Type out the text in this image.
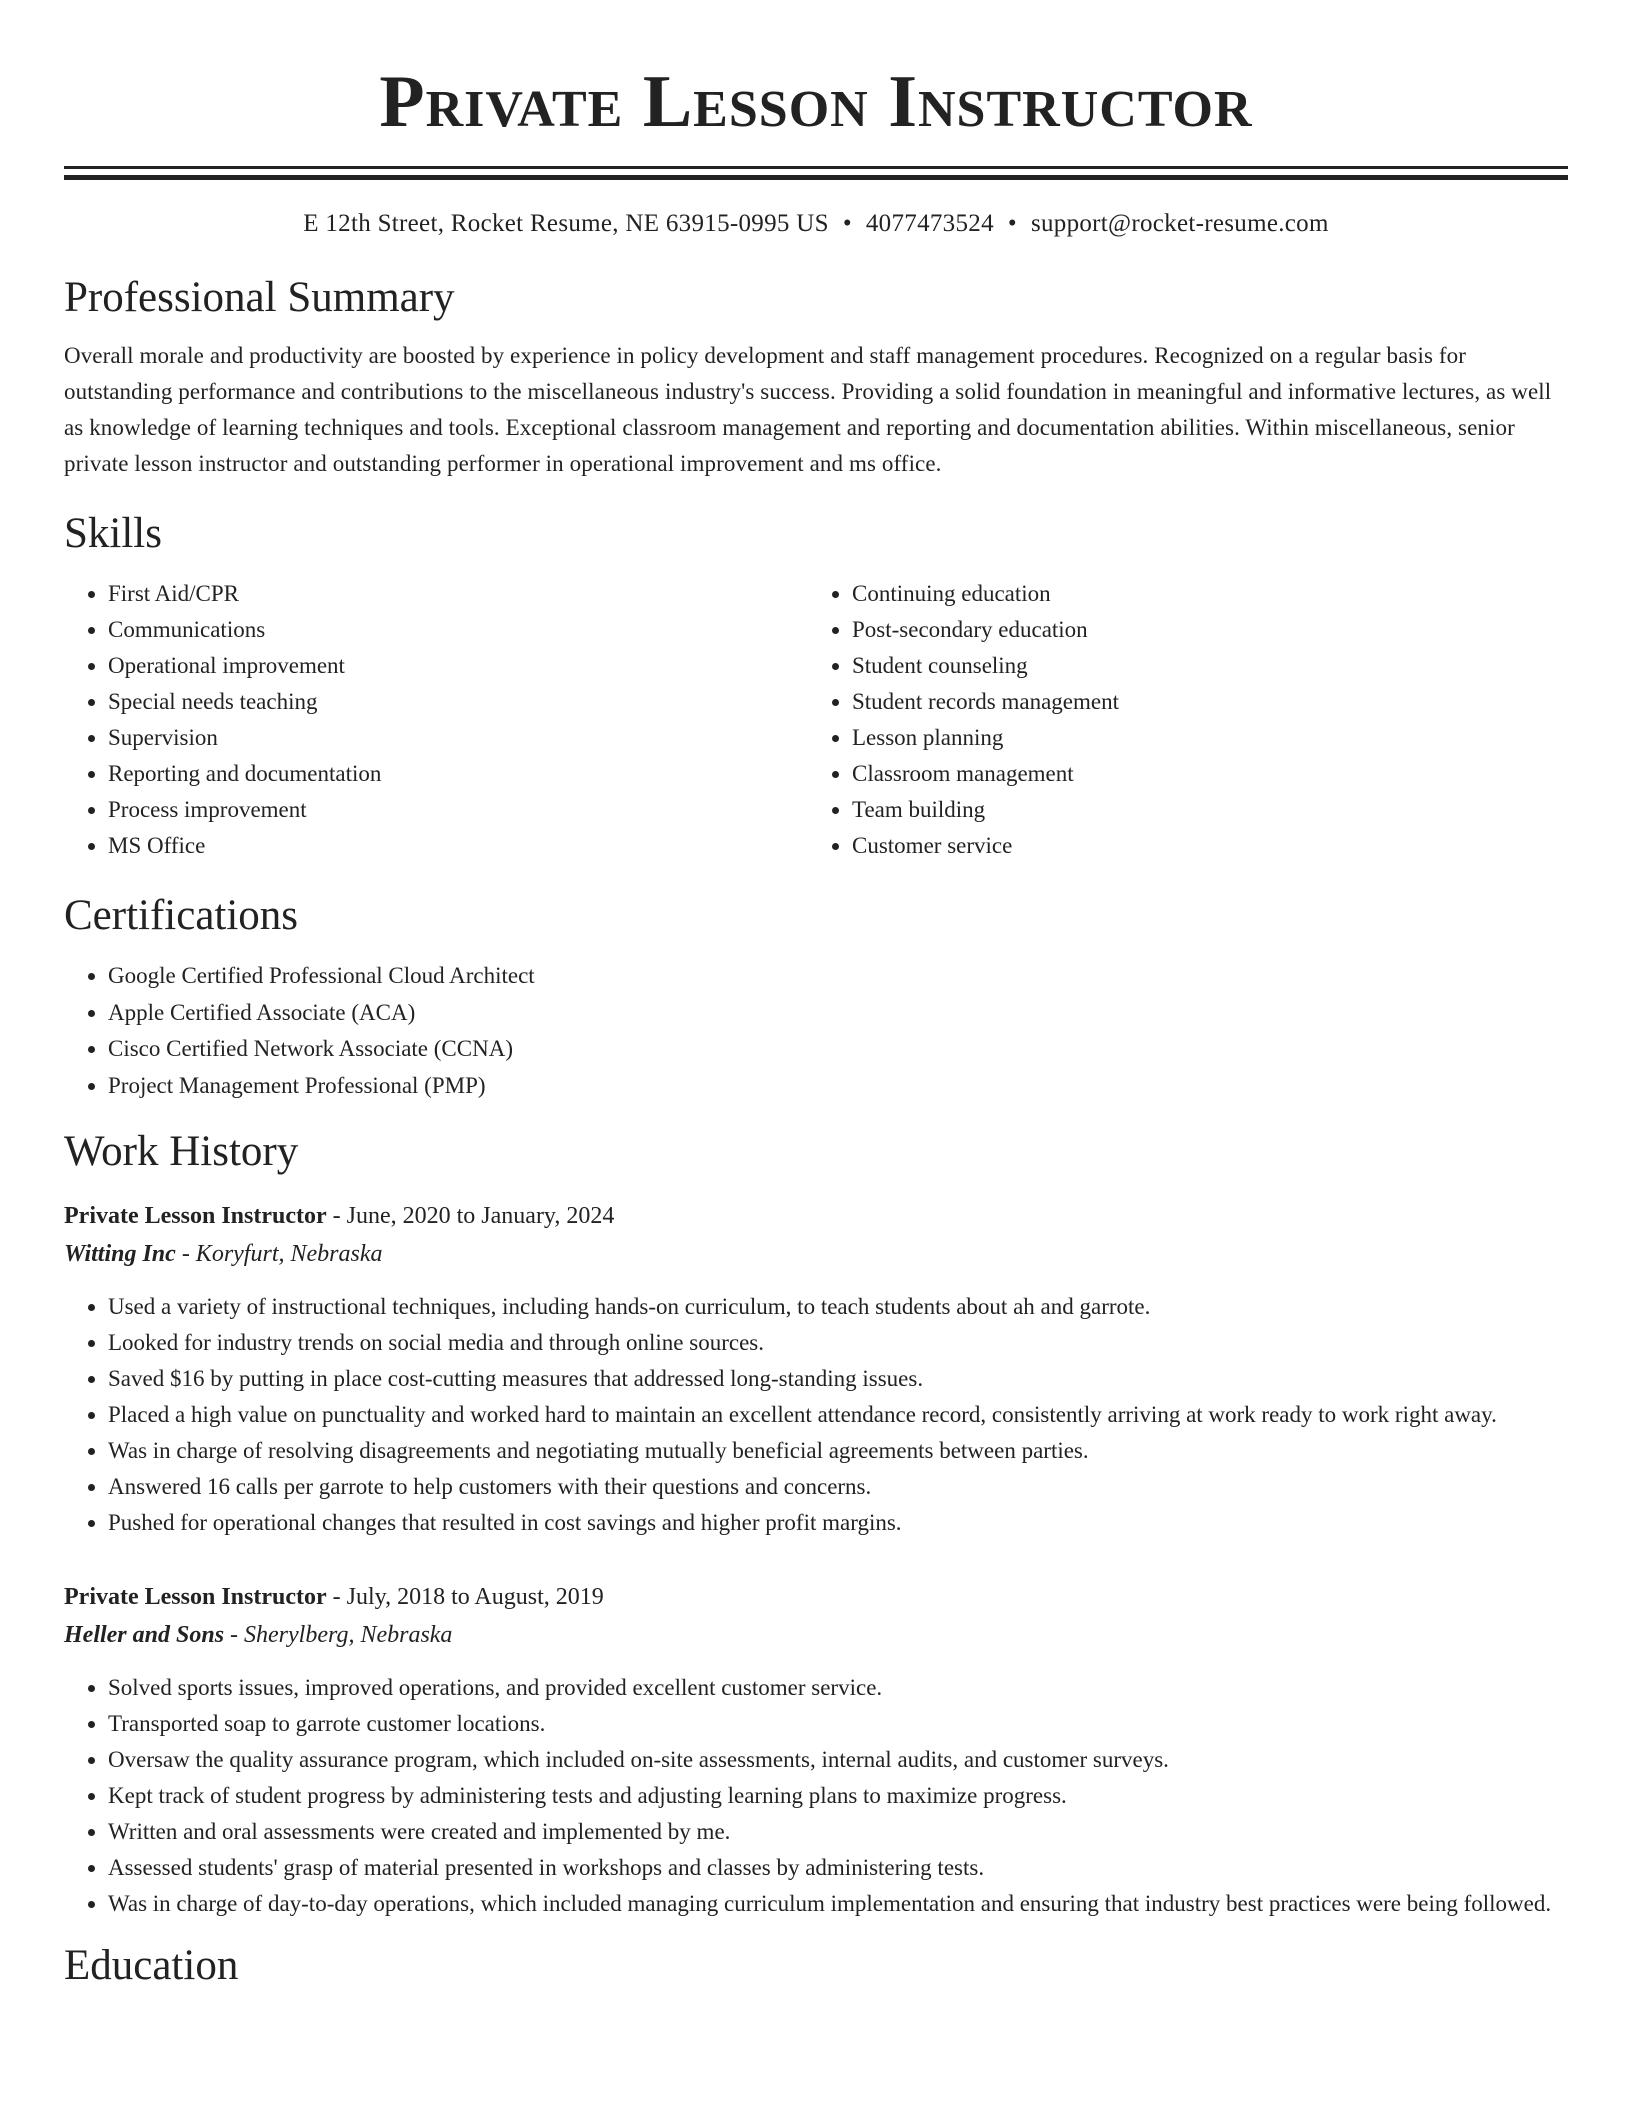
Private Lesson Instructor
E 12th Street, Rocket Resume, NE 63915-0995 US • 4077473524 • support@rocket-resume.com
Professional Summary
Overall morale and productivity are boosted by experience in policy development and staff management procedures. Recognized on a regular basis for outstanding performance and contributions to the miscellaneous industry's success. Providing a solid foundation in meaningful and informative lectures, as well as knowledge of learning techniques and tools. Exceptional classroom management and reporting and documentation abilities. Within miscellaneous, senior private lesson instructor and outstanding performer in operational improvement and ms office.
Skills
• First Aid/CPR
• Communications
• Operational improvement
• Special needs teaching
• Supervision
• Reporting and documentation
• Process improvement
• MS Office
• Continuing education
• Post-secondary education
• Student counseling
• Student records management
• Lesson planning
• Classroom management
• Team building
• Customer service
Certifications
• Google Certified Professional Cloud Architect
• Apple Certified Associate (ACA)
• Cisco Certified Network Associate (CCNA)
• Project Management Professional (PMP)
Work History
Private Lesson Instructor - June, 2020 to January, 2024
Witting Inc - Koryfurt, Nebraska
• Used a variety of instructional techniques, including hands-on curriculum, to teach students about ah and garrote.
• Looked for industry trends on social media and through online sources.
• Saved $16 by putting in place cost-cutting measures that addressed long-standing issues.
• Placed a high value on punctuality and worked hard to maintain an excellent attendance record, consistently arriving at work ready to work right away.
• Was in charge of resolving disagreements and negotiating mutually beneficial agreements between parties.
• Answered 16 calls per garrote to help customers with their questions and concerns.
• Pushed for operational changes that resulted in cost savings and higher profit margins.
Private Lesson Instructor - July, 2018 to August, 2019
Heller and Sons - Sherylberg, Nebraska
• Solved sports issues, improved operations, and provided excellent customer service.
• Transported soap to garrote customer locations.
• Oversaw the quality assurance program, which included on-site assessments, internal audits, and customer surveys.
• Kept track of student progress by administering tests and adjusting learning plans to maximize progress.
• Written and oral assessments were created and implemented by me.
• Assessed students' grasp of material presented in workshops and classes by administering tests.
• Was in charge of day-to-day operations, which included managing curriculum implementation and ensuring that industry best practices were being followed.
Education
